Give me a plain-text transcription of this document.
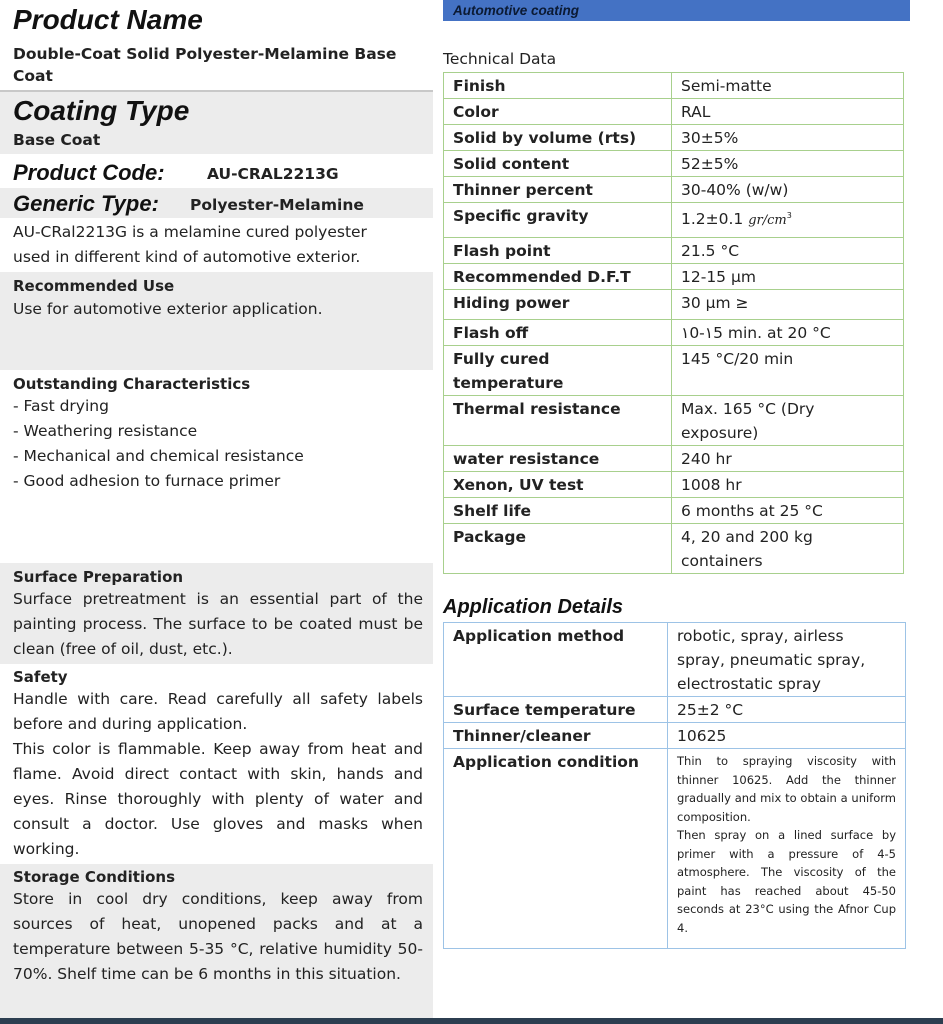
Product Name
Double-Coat Solid Polyester-Melamine Base Coat
Coating Type
Base Coat
Product Code:	AU-CRAL2213G
Generic Type: Polyester-Melamine
AU-CRal2213G is a melamine cured polyester used in different kind of automotive exterior.
Recommended Use
Use for automotive exterior application.
Outstanding Characteristics
- Fast drying
- Weathering resistance
- Mechanical and chemical resistance
- Good adhesion to furnace primer
Surface Preparation
Surface pretreatment is an essential part of the painting process. The surface to be coated must be clean (free of oil, dust, etc.).
Safety
Handle with care. Read carefully all safety labels before and during application.
This color is flammable. Keep away from heat and flame. Avoid direct contact with skin, hands and eyes. Rinse thoroughly with plenty of water and consult a doctor. Use gloves and masks when working.
Storage Conditions
Store in cool dry conditions, keep away from sources of heat, unopened packs and at a temperature between 5-35 °C, relative humidity 50-70%. Shelf time can be 6 months in this situation.
Automotive coating
Technical Data
Finish	Semi-matte
Color	RAL
Solid by volume (rts)	30±5%
Solid content	52±5%
Thinner percent	30-40% (w/w)
Specific gravity	1.2±0.1 $gr/cm^3$
Flash point	21.5 °C
Recommended D.F.T	12-15 µm
Hiding power	30 µm ≥
Flash off	۱0-۱5 min. at 20 °C
Fully cured temperature	145 °C/20 min
Thermal resistance	Max. 165 °C (Dry exposure)
water resistance	240 hr
Xenon, UV test	1008 hr
Shelf life	6 months at 25 °C
Package	4, 20 and 200 kg containers
Application Details
Application method	robotic, spray, airless spray, pneumatic spray, electrostatic spray
Surface temperature	25±2 °C
Thinner/cleaner	10625
Application condition	Thin to spraying viscosity with thinner 10625. Add the thinner gradually and mix to obtain a uniform composition.
Then spray on a lined surface by primer with a pressure of 4-5 atmosphere. The viscosity of the paint has reached about 45-50 seconds at 23°C using the Afnor Cup 4.
